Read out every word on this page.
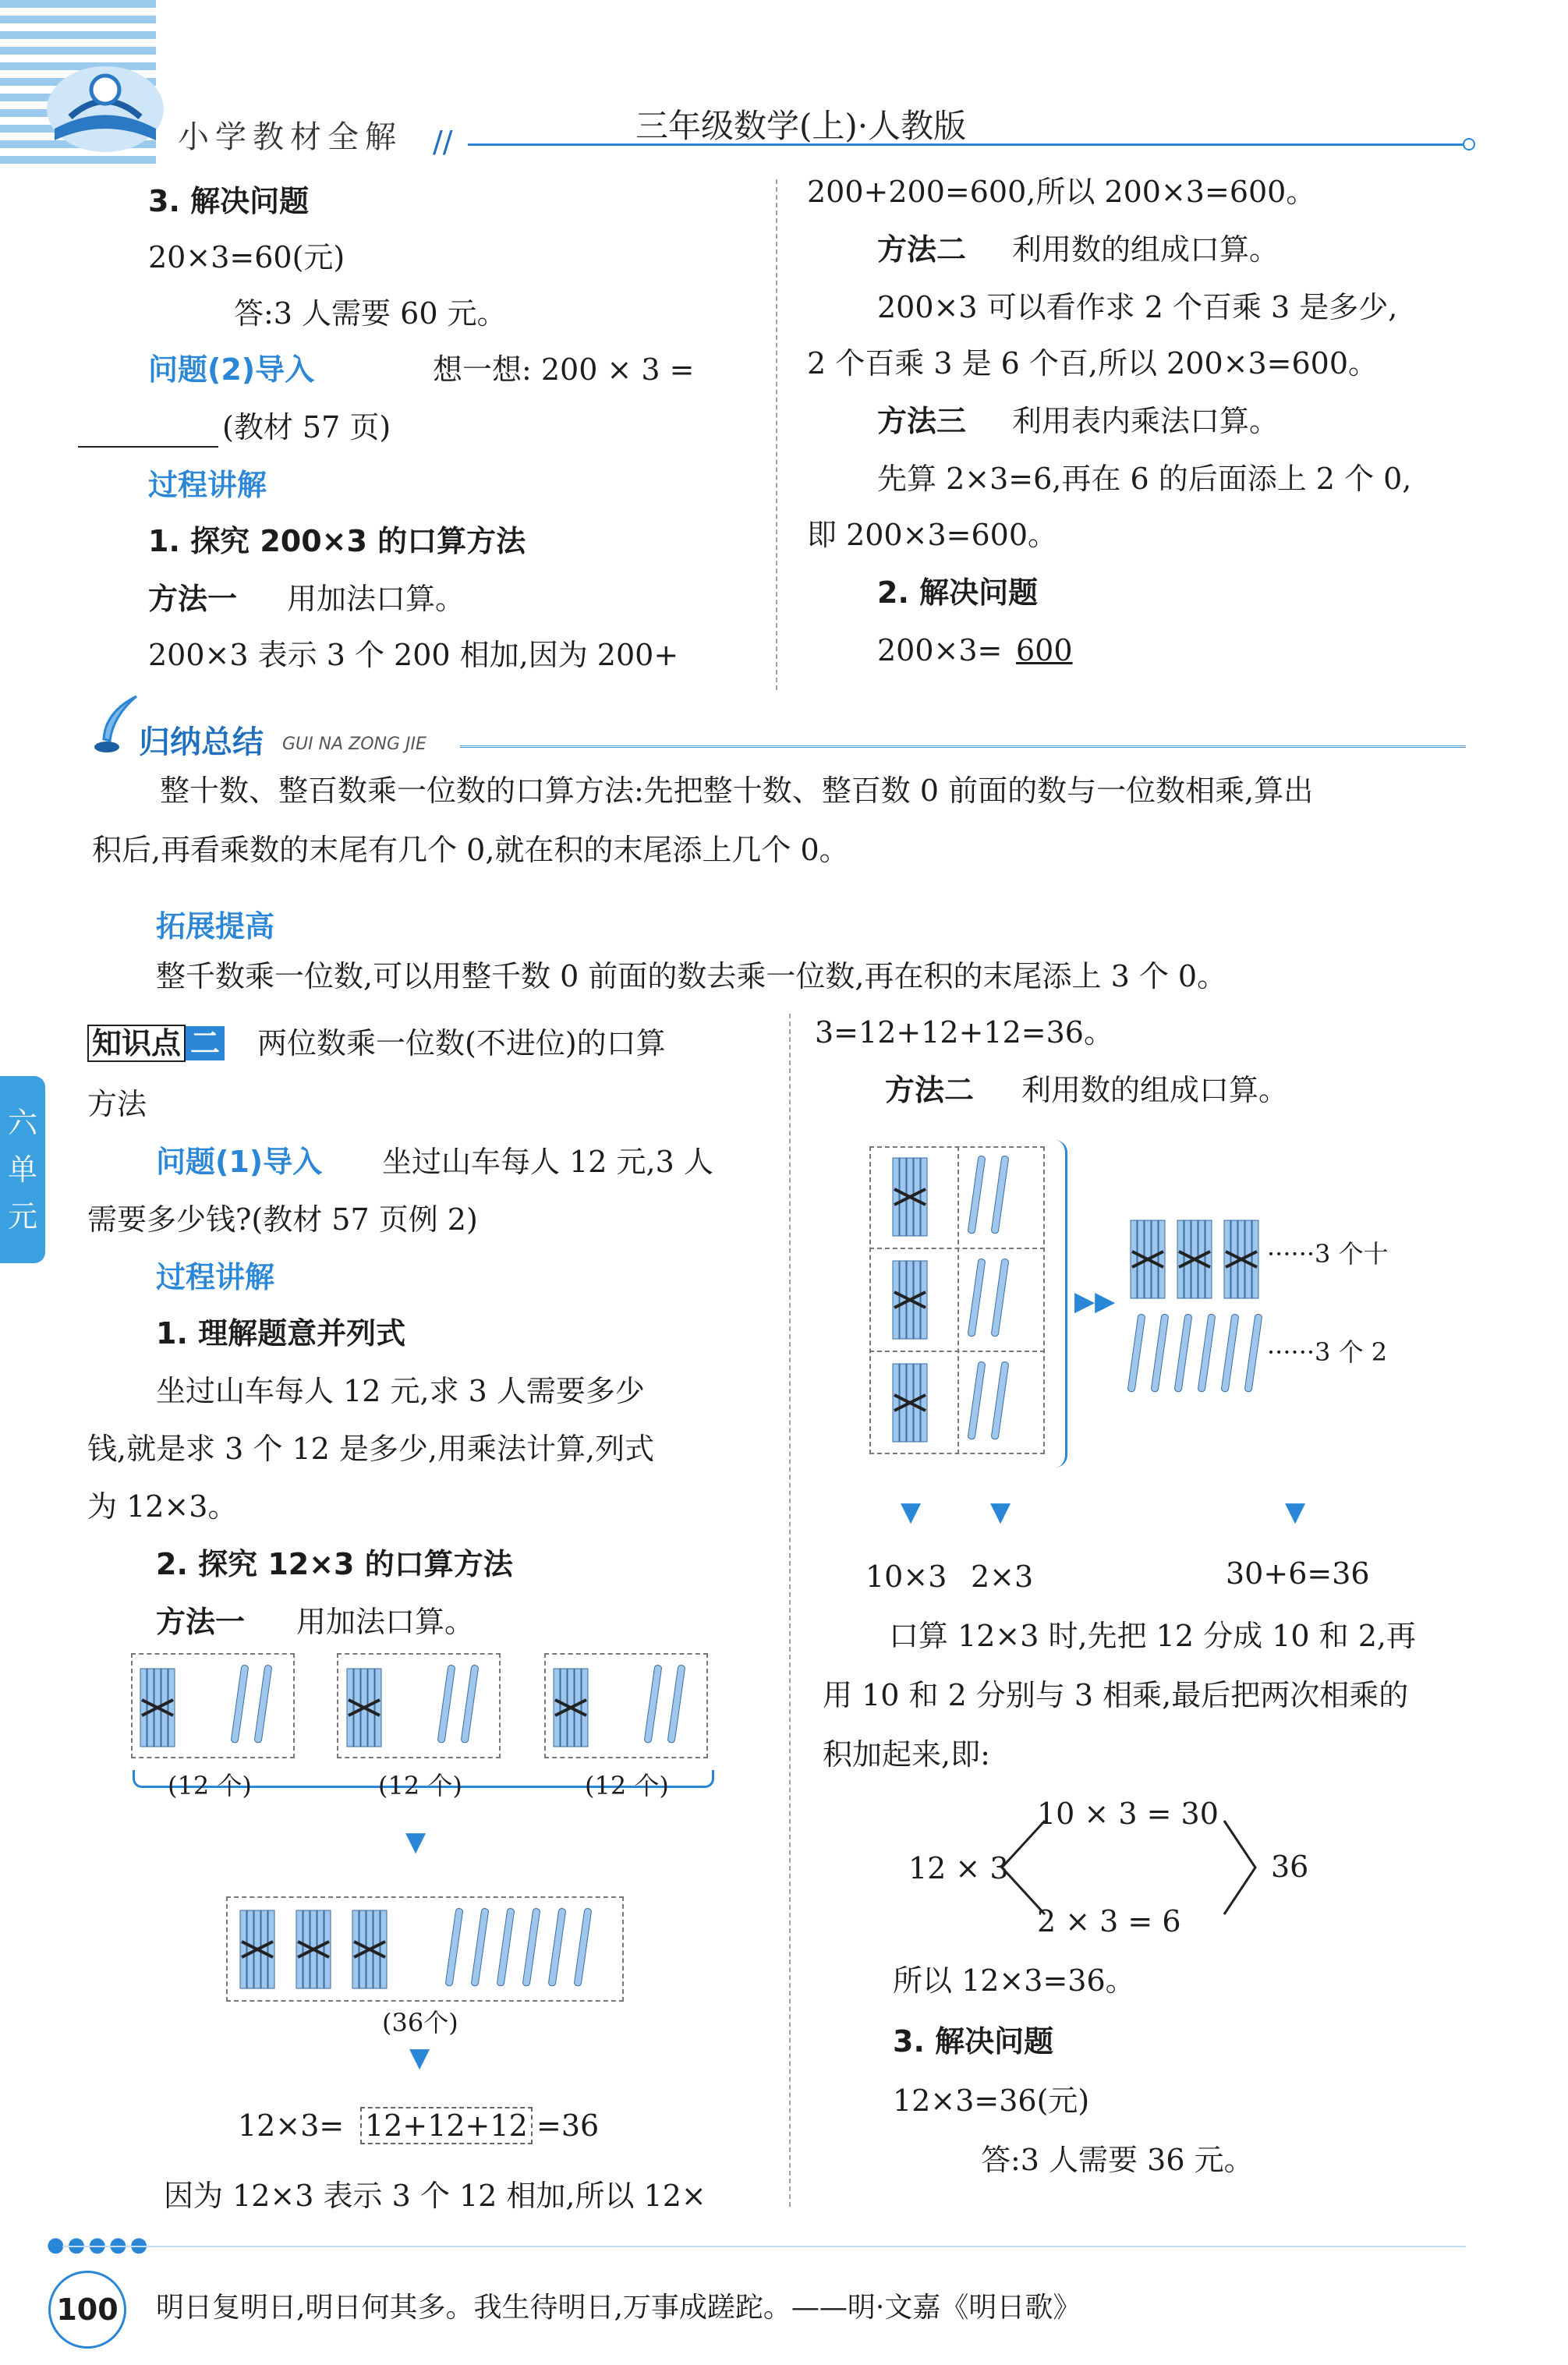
小学教材全解 //	三年级数学(上)·人教版
3. 解决问题
20×3=60(元)
答:3 人需要 60 元。
问题(2)导入	想一想: 200 × 3 =
(教材 57 页)
过程讲解
1. 探究 200×3 的口算方法
方法一 用加法口算。
200×3 表示 3 个 200 相加,因为 200+
200+200=600,所以 200×3=600。
方法二 利用数的组成口算。
200×3 可以看作求 2 个百乘 3 是多少,
2 个百乘 3 是 6 个百,所以 200×3=600。
方法三 利用表内乘法口算。
先算 2×3=6,再在 6 的后面添上 2 个 0,
即 200×3=600。
2. 解决问题
200×3= 600
归纳总结 GUI NA ZONG JIE
整十数、整百数乘一位数的口算方法:先把整十数、整百数 0 前面的数与一位数相乘,算出
积后,再看乘数的末尾有几个 0,就在积的末尾添上几个 0。
拓展提高
整千数乘一位数,可以用整千数 0 前面的数去乘一位数,再在积的末尾添上 3 个 0。
六
单
元
知识点 二 两位数乘一位数(不进位)的口算
方法
问题(1)导入 坐过山车每人 12 元,3 人
需要多少钱?(教材 57 页例 2)
过程讲解
1. 理解题意并列式
坐过山车每人 12 元,求 3 人需要多少
钱,就是求 3 个 12 是多少,用乘法计算,列式
为 12×3。
2. 探究 12×3 的口算方法
方法一 用加法口算。
(12 个)	(12 个)	(12 个)
▼
(36个)
▼
12×3= 12+12+12 =36
因为 12×3 表示 3 个 12 相加,所以 12×
3=12+12+12=36。
方法二 利用数的组成口算。
▶▶
······3 个十
······3 个 2
▼	▼	▼
10×3 2×3	30+6=36
口算 12×3 时,先把 12 分成 10 和 2,再
用 10 和 2 分别与 3 相乘,最后把两次相乘的
积加起来,即:
12 × 3
10 × 3 = 30
2 × 3 = 6
36
所以 12×3=36。
3. 解决问题
12×3=36(元)
答:3 人需要 36 元。
●●●●●
100 明日复明日,明日何其多。我生待明日,万事成蹉跎。——明·文嘉《明日歌》
